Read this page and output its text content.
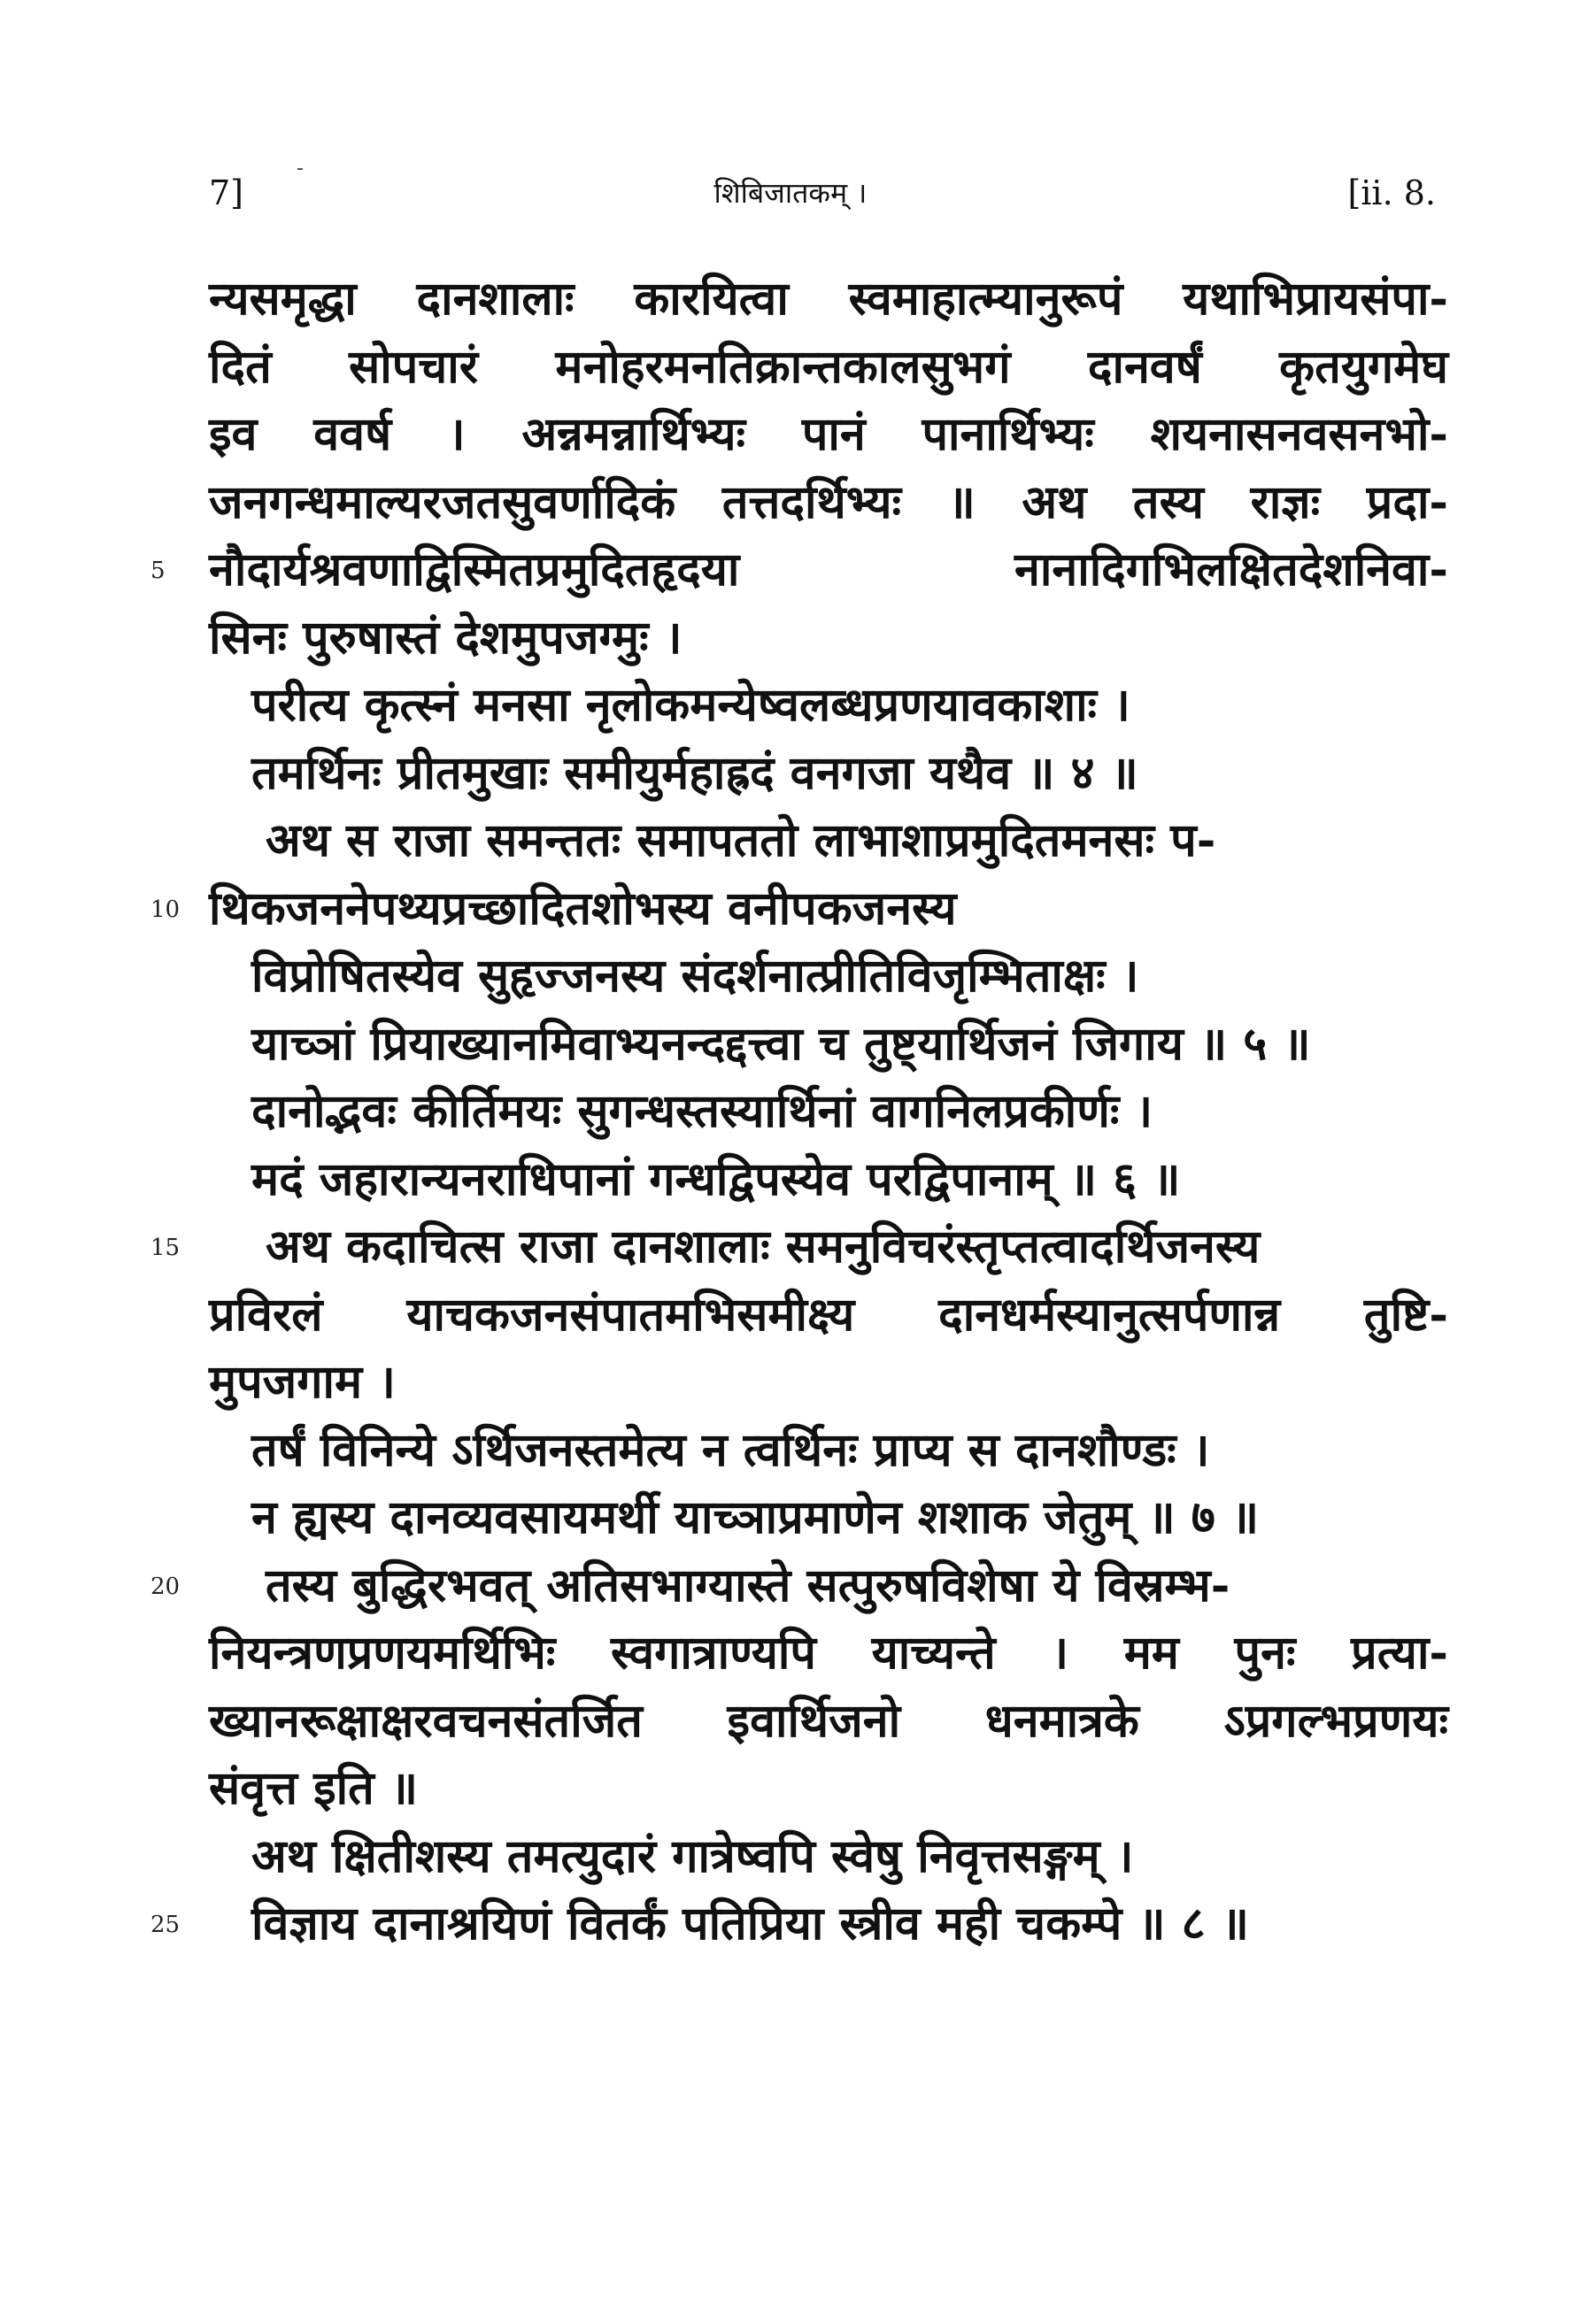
7]	शिबिजातकम् ।	[ii. 8.
न्यसमृद्धा दानशालाः कारयित्वा स्वमाहात्म्यानुरूपं यथाभिप्रायसंपा-
दितं सोपचारं मनोहरमनतिक्रान्तकालसुभगं दानवर्षं कृतयुगमेघ
इव ववर्ष । अन्नमन्नार्थिभ्यः पानं पानार्थिभ्यः शयनासनवसनभो-
जनगन्धमाल्यरजतसुवर्णादिकं तत्तदर्थिभ्यः ॥ अथ तस्य राज्ञः प्रदा-
नौदार्यश्रवणाद्विस्मितप्रमुदितहृदया नानादिगभिलक्षितदेशनिवा-
सिनः पुरुषास्तं देशमुपजग्मुः ।
परीत्य कृत्स्नं मनसा नृलोकमन्येष्वलब्धप्रणयावकाशाः ।
तमर्थिनः प्रीतमुखाः समीयुर्महाह्रदं वनगजा यथैव ॥ ४ ॥
अथ स राजा समन्ततः समापततो लाभाशाप्रमुदितमनसः प-
थिकजननेपथ्यप्रच्छादितशोभस्य वनीपकजनस्य
विप्रोषितस्येव सुहृज्जनस्य संदर्शनात्प्रीतिविजृम्भिताक्षः ।
याच्ञां प्रियाख्यानमिवाभ्यनन्दद्दत्त्वा च तुष्ट्यार्थिजनं जिगाय ॥ ५ ॥
दानोद्भवः कीर्तिमयः सुगन्धस्तस्यार्थिनां वागनिलप्रकीर्णः ।
मदं जहारान्यनराधिपानां गन्धद्विपस्येव परद्विपानाम् ॥ ६ ॥
अथ कदाचित्स राजा दानशालाः समनुविचरंस्तृप्तत्वादर्थिजनस्य
प्रविरलं याचकजनसंपातमभिसमीक्ष्य दानधर्मस्यानुत्सर्पणान्न तुष्टि-
मुपजगाम ।
तर्षं विनिन्ये ऽर्थिजनस्तमेत्य न त्वर्थिनः प्राप्य स दानशौण्डः ।
न ह्यस्य दानव्यवसायमर्थी याच्ञाप्रमाणेन शशाक जेतुम् ॥ ७ ॥
तस्य बुद्धिरभवत् अतिसभाग्यास्ते सत्पुरुषविशेषा ये विस्रम्भ-
नियन्त्रणप्रणयमर्थिभिः स्वगात्राण्यपि याच्यन्ते । मम पुनः प्रत्या-
ख्यानरूक्षाक्षरवचनसंतर्जित इवार्थिजनो धनमात्रके ऽप्रगल्भप्रणयः
संवृत्त इति ॥
अथ क्षितीशस्य तमत्युदारं गात्रेष्वपि स्वेषु निवृत्तसङ्गम् ।
विज्ञाय दानाश्रयिणं वितर्कं पतिप्रिया स्त्रीव मही चकम्पे ॥ ८ ॥
5
10
15
20
25
